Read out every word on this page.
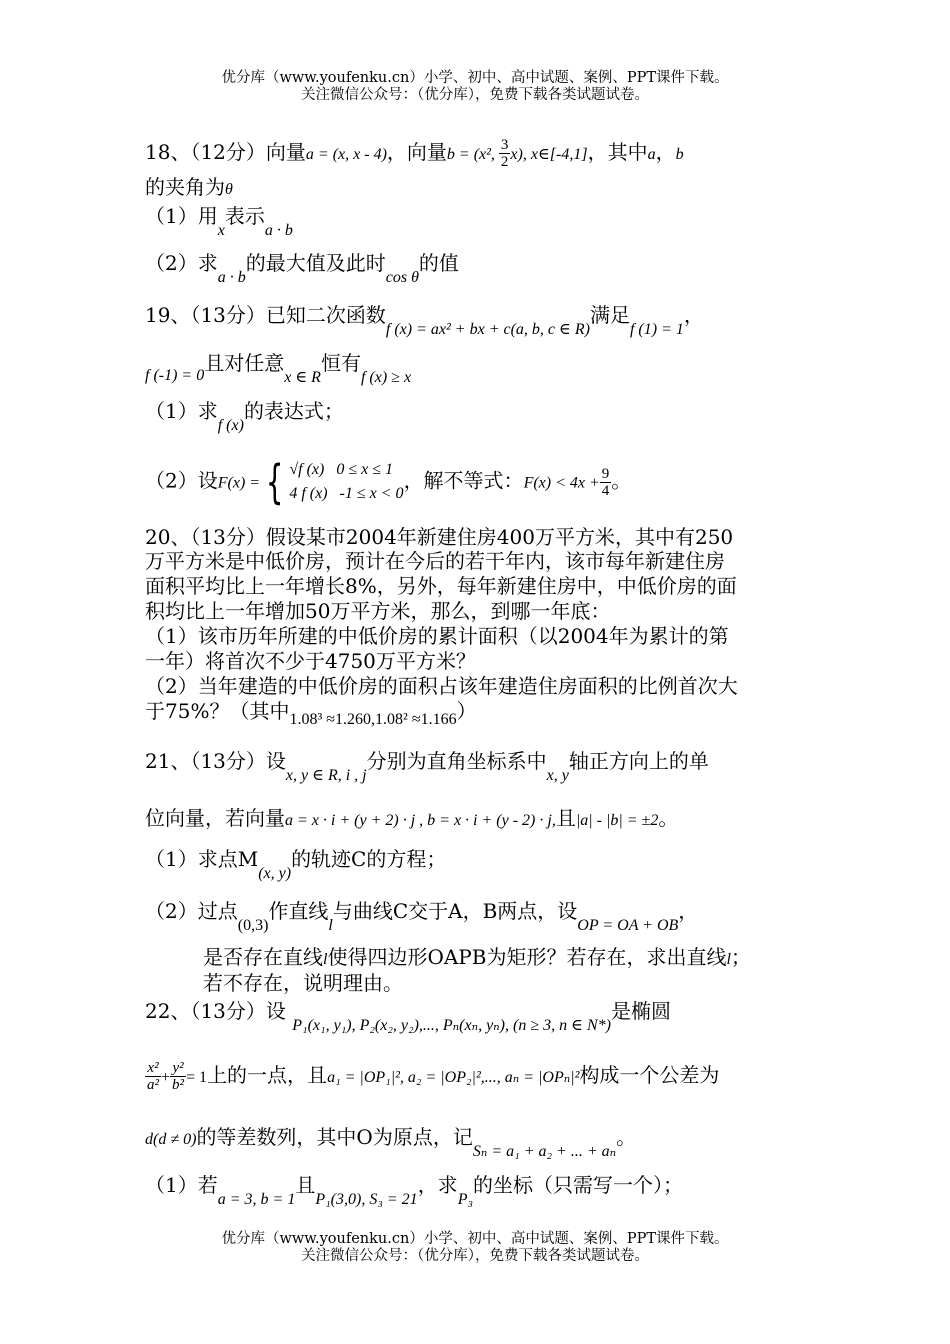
优分库（www.youfenku.cn）小学、初中、高中试题、案例、PPT课件下载。
关注微信公众号：（优分库），免费下载各类试题试卷。
18、（12分）向量a = (x, x - 4)，向量b = (x², $\frac{3}{2} x$), x∈[-4,1]，其中a，b
的夹角为θ
（1）用x表示a · b
（2）求a · b的最大值及此时cos θ的值
19、（13分）已知二次函数f (x) = ax² + bx + c(a, b, c ∈ R)满足f (1) = 1，
$_{f (-1) = 0}$且对任意x ∈ R恒有f (x) ≥ x
（1）求f (x)的表达式；
（2）设F(x) = { √f (x) 0 ≤ x ≤ 1
4 f (x) -1 ≤ x < 0
，解不等式：$F(x) < 4x + \frac{9}{4}$ 。
20、（13分）假设某市2004年新建住房400万平方米，其中有250
万平方米是中低价房，预计在今后的若干年内，该市每年新建住房
面积平均比上一年增长8%，另外，每年新建住房中，中低价房的面
积均比上一年增加50万平方米，那么，到哪一年底：
（1）该市历年所建的中低价房的累计面积（以2004年为累计的第
一年）将首次不少于4750万平方米？
（2）当年建造的中低价房的面积占该年建造住房面积的比例首次大
于75%？（其中$_{1.08^3 \approx 1.260,1.08^2 \approx 1.166}$）
21、（13分）设x, y ∈ R, i , j分别为直角坐标系中x, y轴正方向上的单
位向量，若向量a = x · i + (y + 2) · j , b = x · i + (y - 2) · j,且|a| - |b| = ±2。
（1）求点M(x, y)的轨迹C的方程；
（2）过点(0,3)作直线l与曲线C交于A，B两点，设OP = OA + OB，
是否存在直线l使得四边形OAPB为矩形？若存在，求出直线l；
若不存在，说明理由。
22、（13分）设 P₁(x₁, y₁), P₂(x₂, y₂),..., Pₙ(xₙ, yₙ), (n ≥ 3, n ∈ N*)是椭圆
$\frac{\text{x²}}{\text{a²}} + \frac{\text{y²}}{\text{b²}} = 1$上的一点，且a₁ = |OP₁|², a₂ = |OP₂|²,..., aₙ = |OPₙ|²构成一个公差为
d(d ≠ 0)的等差数列，其中O为原点，记Sₙ = a₁ + a₂ + ... + aₙ。
（1）若a = 3, b = 1且P₁(3,0), S₃ = 21，求P₃的坐标（只需写一个）；
优分库（www.youfenku.cn）小学、初中、高中试题、案例、PPT课件下载。
关注微信公众号：（优分库），免费下载各类试题试卷。
